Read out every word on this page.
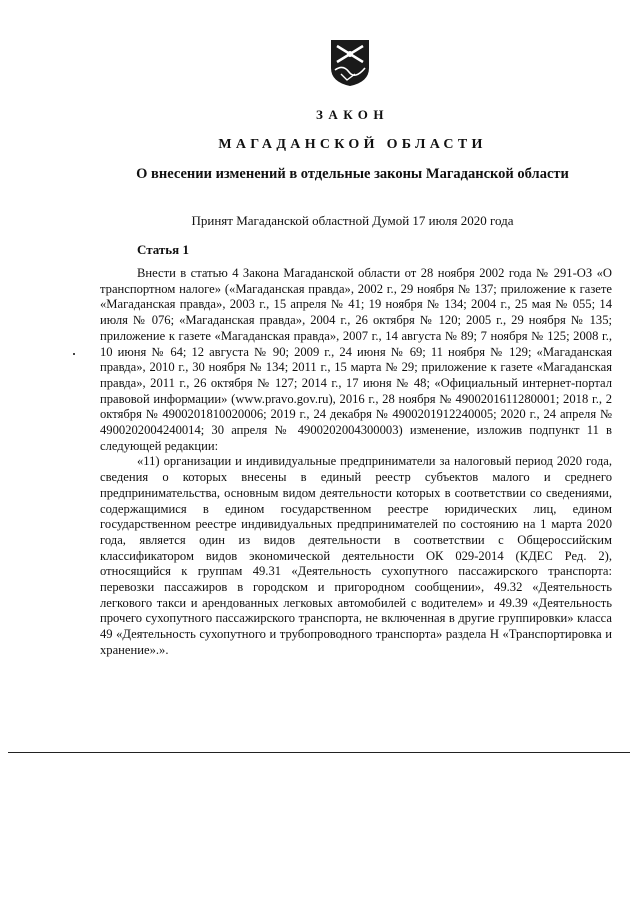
ЗАКОН
МАГАДАНСКОЙ ОБЛАСТИ
О внесении изменений в отдельные законы Магаданской области
Принят Магаданской областной Думой 17 июля 2020 года
Статья 1

Внести в статью 4 Закона Магаданской области от 28 ноября 2002 года № 291-ОЗ «О транспортном налоге» («Магаданская правда», 2002 г., 29 ноября № 137; приложение к газете «Магаданская правда», 2003 г., 15 апреля № 41; 19 ноября № 134; 2004 г., 25 мая № 055; 14 июля № 076; «Магаданская правда», 2004 г., 26 октября № 120; 2005 г., 29 ноября № 135; приложение к газете «Магаданская правда», 2007 г., 14 августа № 89; 7 ноября № 125; 2008 г., 10 июня № 64; 12 августа № 90; 2009 г., 24 июня № 69; 11 ноября № 129; «Магаданская правда», 2010 г., 30 ноября № 134; 2011 г., 15 марта № 29; приложение к газете «Магаданская правда», 2011 г., 26 октября № 127; 2014 г., 17 июня № 48; «Официальный интернет-портал правовой информации» (www.pravo.gov.ru), 2016 г., 28 ноября № 4900201611280001; 2018 г., 2 октября № 4900201810020006; 2019 г., 24 декабря № 4900201912240005; 2020 г., 24 апреля № 4900202004240014; 30 апреля № 4900202004300003) изменение, изложив подпункт 11 в следующей редакции:

«11) организации и индивидуальные предприниматели за налоговый период 2020 года, сведения о которых внесены в единый реестр субъектов малого и среднего предпринимательства, основным видом деятельности которых в соответствии со сведениями, содержащимися в едином государственном реестре юридических лиц, едином государственном реестре индивидуальных предпринимателей по состоянию на 1 марта 2020 года, является один из видов деятельности в соответствии с Общероссийским классификатором видов экономической деятельности ОК 029-2014 (КДЕС Ред. 2), относящийся к группам 49.31 «Деятельность сухопутного пассажирского транспорта: перевозки пассажиров в городском и пригородном сообщении», 49.32 «Деятельность легкового такси и арендованных легковых автомобилей с водителем» и 49.39 «Деятельность прочего сухопутного пассажирского транспорта, не включенная в другие группировки» класса 49 «Деятельность сухопутного и трубопроводного транспорта» раздела H «Транспортировка и хранение».».
